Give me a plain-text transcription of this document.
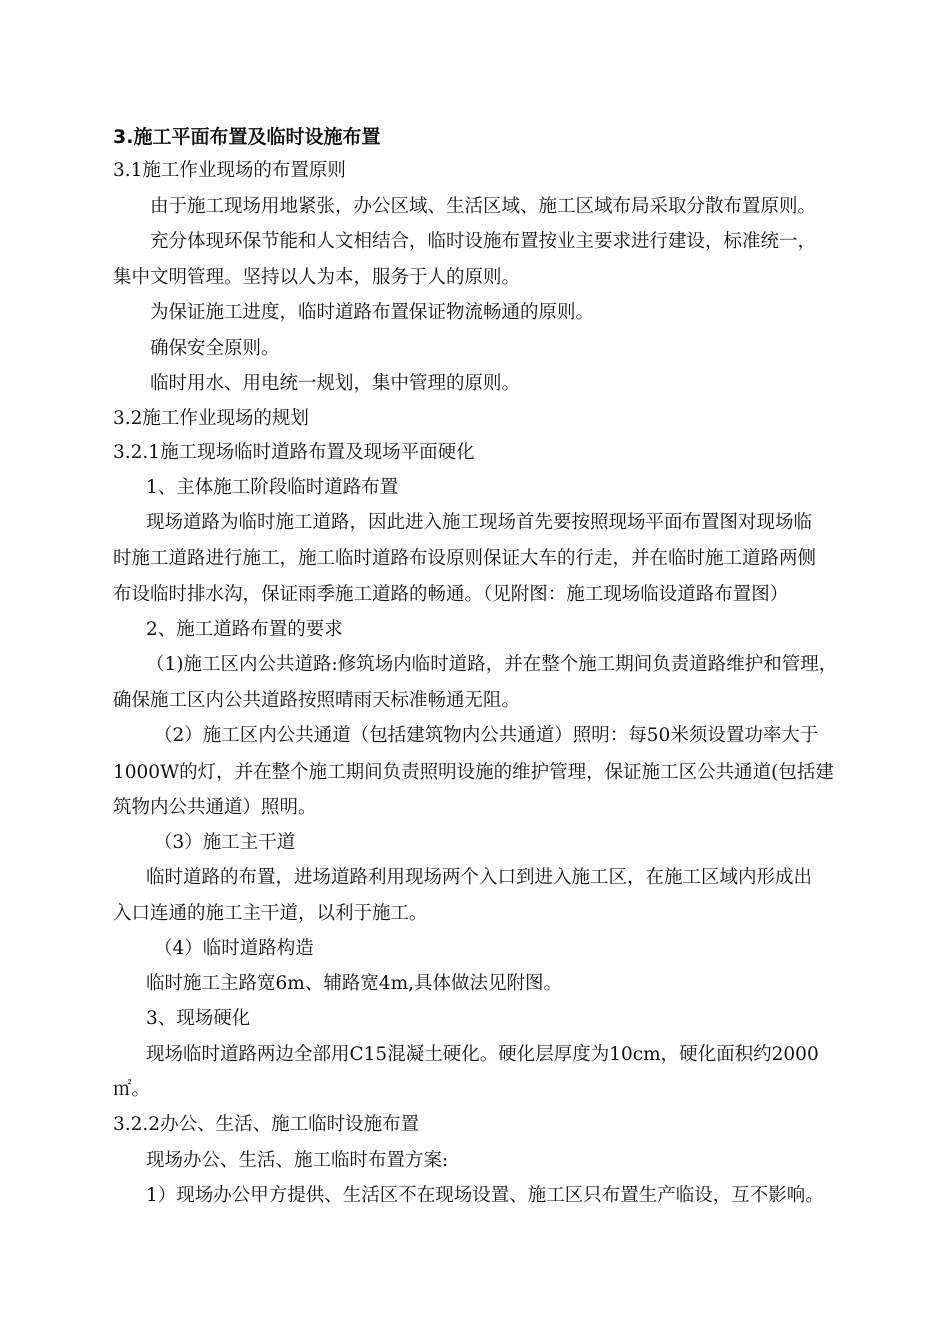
3.施工平面布置及临时设施布置
3.1施工作业现场的布置原则
由于施工现场用地紧张，办公区域、生活区域、施工区域布局采取分散布置原则。
充分体现环保节能和人文相结合，临时设施布置按业主要求进行建设，标准统一，
集中文明管理。坚持以人为本，服务于人的原则。
为保证施工进度，临时道路布置保证物流畅通的原则。
确保安全原则。
临时用水、用电统一规划，集中管理的原则。
3.2施工作业现场的规划
3.2.1施工现场临时道路布置及现场平面硬化
1、主体施工阶段临时道路布置
现场道路为临时施工道路，因此进入施工现场首先要按照现场平面布置图对现场临
时施工道路进行施工，施工临时道路布设原则保证大车的行走，并在临时施工道路两侧
布设临时排水沟，保证雨季施工道路的畅通。（见附图：施工现场临设道路布置图）
2、施工道路布置的要求
（1)施工区内公共道路:修筑场内临时道路，并在整个施工期间负责道路维护和管理，
确保施工区内公共道路按照晴雨天标准畅通无阻。
（2）施工区内公共通道（包括建筑物内公共通道）照明：每50米须设置功率大于
1000W的灯，并在整个施工期间负责照明设施的维护管理，保证施工区公共通道(包括建
筑物内公共通道）照明。
（3）施工主干道
临时道路的布置，进场道路利用现场两个入口到进入施工区，在施工区域内形成出
入口连通的施工主干道，以利于施工。
（4）临时道路构造
临时施工主路宽6m、辅路宽4m,具体做法见附图。
3、现场硬化
现场临时道路两边全部用C15混凝土硬化。硬化层厚度为10cm，硬化面积约2000
㎡。
3.2.2办公、生活、施工临时设施布置
现场办公、生活、施工临时布置方案:
1）现场办公甲方提供、生活区不在现场设置、施工区只布置生产临设，互不影响。
